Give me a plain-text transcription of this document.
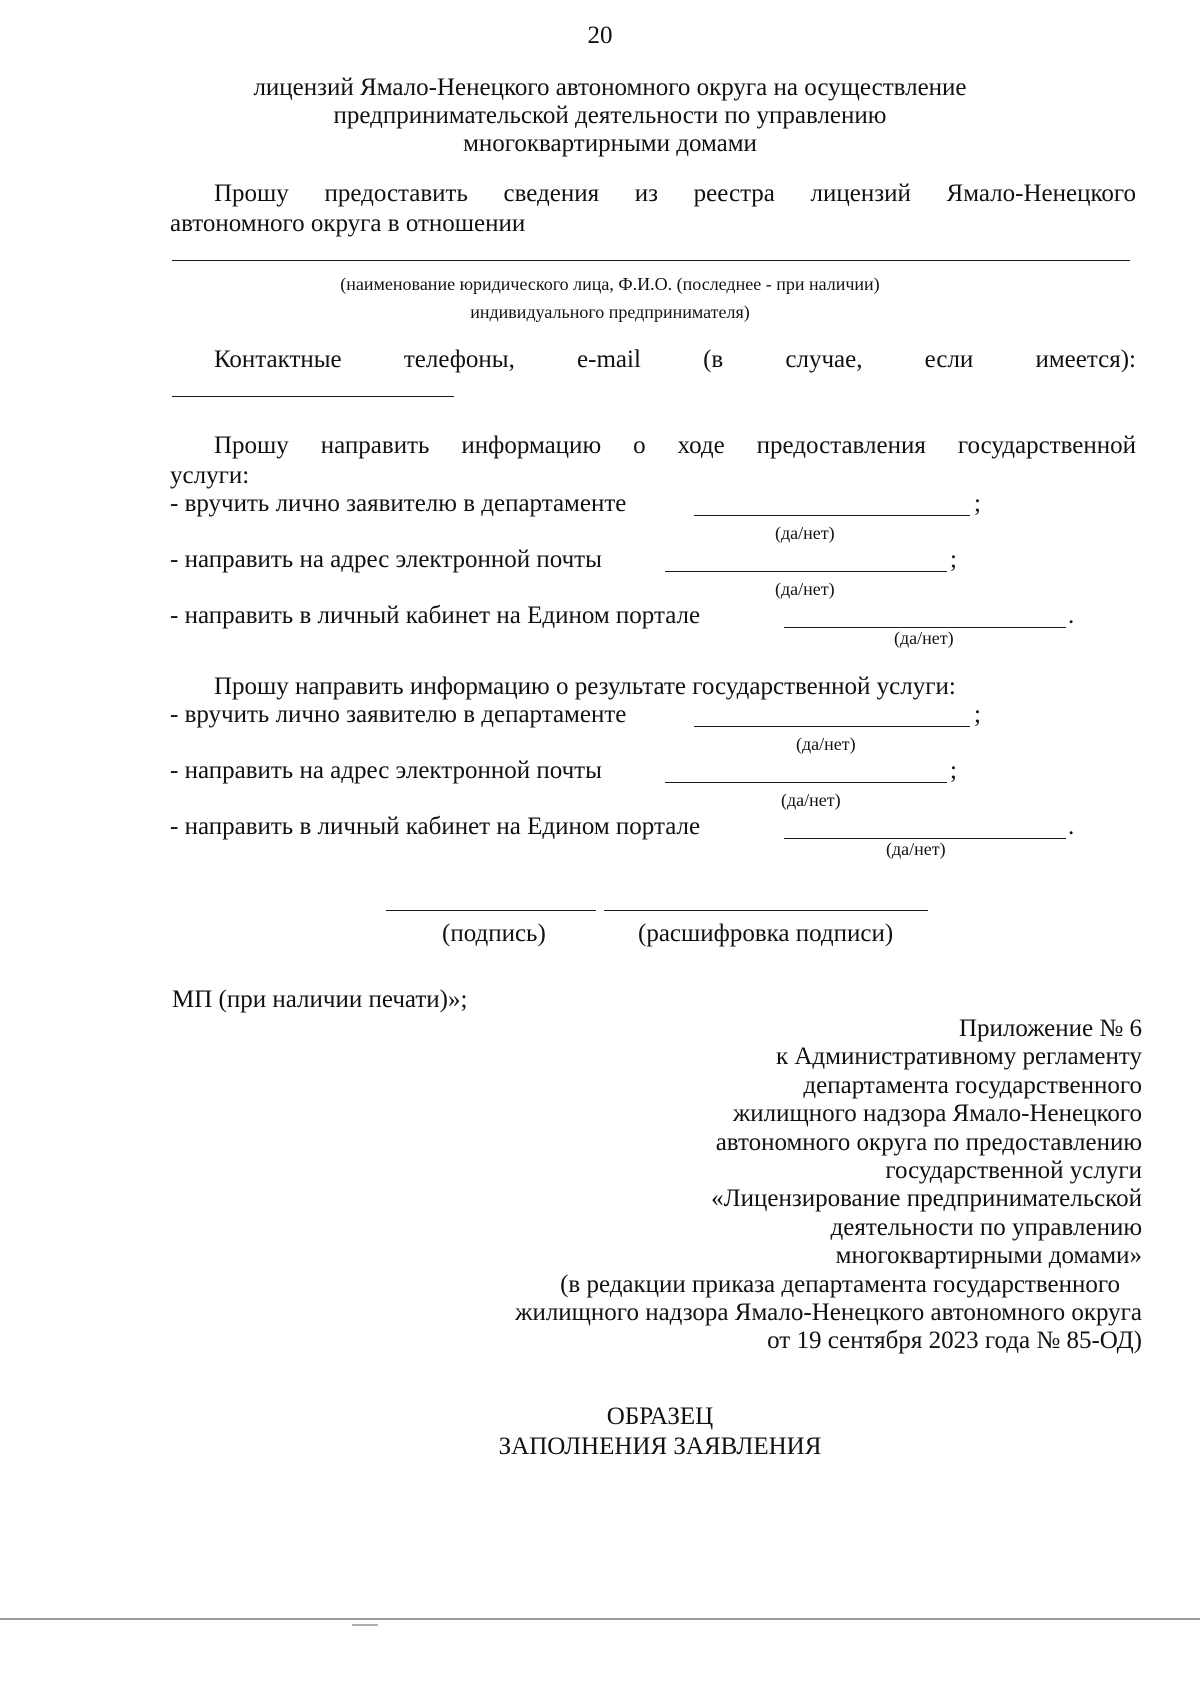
20
лицензий Ямало-Ненецкого автономного округа на осуществление
предпринимательской деятельности по управлению
многоквартирными домами
Прошу предоставить сведения из реестра лицензий Ямало-Ненецкого
автономного округа в отношении
(наименование юридического лица, Ф.И.О. (последнее - при наличии)
индивидуального предпринимателя)
Контактные телефоны, e-mail (в случае, если имеется):
Прошу направить информацию о ходе предоставления государственной
услуги:
- вручить лично заявителю в департаменте	;
(да/нет)
- направить на адрес электронной почты	;
(да/нет)
- направить в личный кабинет на Едином портале	.
(да/нет)
Прошу направить информацию о результате государственной услуги:
- вручить лично заявителю в департаменте	;
(да/нет)
- направить на адрес электронной почты	;
(да/нет)
- направить в личный кабинет на Едином портале	.
(да/нет)
(подпись)	(расшифровка подписи)
МП (при наличии печати)»;
Приложение № 6
к Административному регламенту
департамента государственного
жилищного надзора Ямало-Ненецкого
автономного округа по предоставлению
государственной услуги
«Лицензирование предпринимательской
деятельности по управлению
многоквартирными домами»
(в редакции приказа департамента государственного
жилищного надзора Ямало-Ненецкого автономного округа
от 19 сентября 2023 года № 85-ОД)
ОБРАЗЕЦ
ЗАПОЛНЕНИЯ ЗАЯВЛЕНИЯ
